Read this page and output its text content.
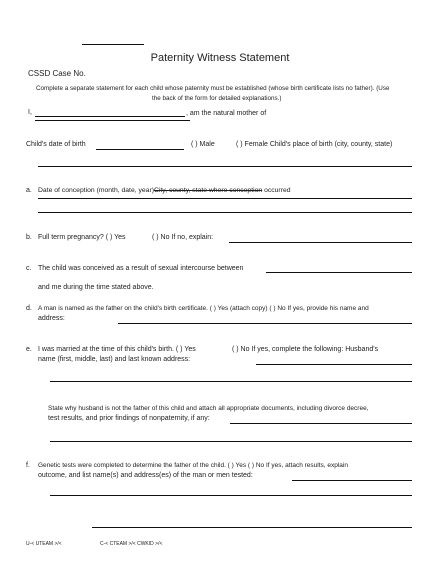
Paternity Witness Statement
CSSD Case No.
Complete a separate statement for each child whose paternity must be established (whose birth certificate lists no father). (Use
the back of the form for detailed explanations.)
I,	, am the natural mother of
Child's date of birth	( ) Male	( ) Female Child's place of birth (city, county, state)
a. Date of conception (month, date, year)City, county, state where conception occurred
b. Full term pregnancy? ( ) Yes	( ) No If no, explain:
c. The child was conceived as a result of sexual intercourse between
and me during the time stated above.
d. A man is named as the father on the child's birth certificate. ( ) Yes (attach copy) ( ) No If yes, provide his name and
address:
e. I was married at the time of this child's birth. ( ) Yes	( ) No If yes, complete the following: Husband's
name (first, middle, last) and last known address:
State why husband is not the father of this child and attach all appropriate documents, including divorce decree,
test results, and prior findings of nonpaternity, if any:
f. Genetic tests were completed to determine the father of the child. ( ) Yes ( ) No If yes, attach results, explain
outcome, and list name(s) and address(es) of the man or men tested:
U-< UTEAM >/<	C-< CTEAM >/< CWKID >/<
